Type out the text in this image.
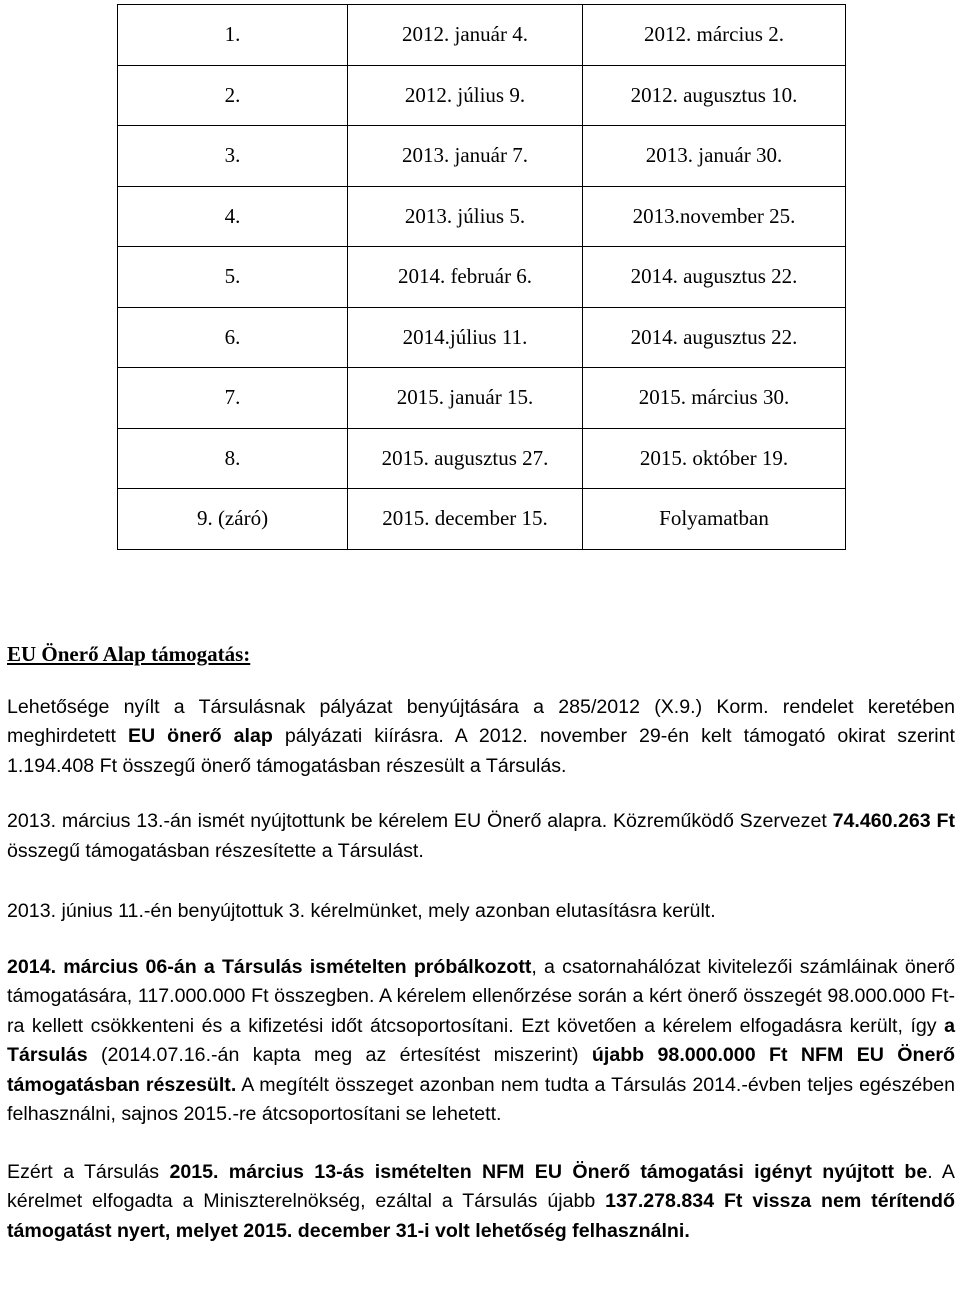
1.	2012. január 4.	2012. március 2.
2.	2012. július 9.	2012. augusztus 10.
3.	2013. január 7.	2013. január 30.
4.	2013. július 5.	2013.november 25.
5.	2014. február 6.	2014. augusztus 22.
6.	2014.július 11.	2014. augusztus 22.
7.	2015. január 15.	2015. március 30.
8.	2015. augusztus 27.	2015. október 19.
9. (záró)	2015. december 15.	Folyamatban

EU Önerő Alap támogatás:

Lehetősége nyílt a Társulásnak pályázat benyújtására a 285/2012 (X.9.) Korm. rendelet keretében meghirdetett EU önerő alap pályázati kiírásra. A 2012. november 29-én kelt támogató okirat szerint 1.194.408 Ft összegű önerő támogatásban részesült a Társulás.

2013. március 13.-án ismét nyújtottunk be kérelem EU Önerő alapra. Közreműködő Szervezet 74.460.263 Ft összegű támogatásban részesítette a Társulást.

2013. június 11.-én benyújtottuk 3. kérelmünket, mely azonban elutasításra került.

2014. március 06-án a Társulás ismételten próbálkozott, a csatornahálózat kivitelezői számláinak önerő támogatására, 117.000.000 Ft összegben. A kérelem ellenőrzése során a kért önerő összegét 98.000.000 Ft-ra kellett csökkenteni és a kifizetési időt átcsoportosítani. Ezt követően a kérelem elfogadásra került, így a Társulás (2014.07.16.-án kapta meg az értesítést miszerint) újabb 98.000.000 Ft NFM EU Önerő támogatásban részesült. A megítélt összeget azonban nem tudta a Társulás 2014.-évben teljes egészében felhasználni, sajnos 2015.-re átcsoportosítani se lehetett.

Ezért a Társulás 2015. március 13-ás ismételten NFM EU Önerő támogatási igényt nyújtott be. A kérelmet elfogadta a Miniszterelnökség, ezáltal a Társulás újabb 137.278.834 Ft vissza nem térítendő támogatást nyert, melyet 2015. december 31-i volt lehetőség felhasználni.
